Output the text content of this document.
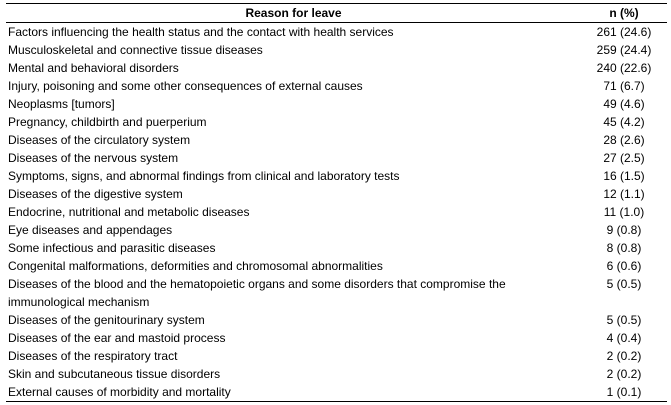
Reason for leave	n (%)
Factors influencing the health status and the contact with health services	261 (24.6)
Musculoskeletal and connective tissue diseases	259 (24.4)
Mental and behavioral disorders	240 (22.6)
Injury, poisoning and some other consequences of external causes	71 (6.7)
Neoplasms [tumors]	49 (4.6)
Pregnancy, childbirth and puerperium	45 (4.2)
Diseases of the circulatory system	28 (2.6)
Diseases of the nervous system	27 (2.5)
Symptoms, signs, and abnormal findings from clinical and laboratory tests	16 (1.5)
Diseases of the digestive system	12 (1.1)
Endocrine, nutritional and metabolic diseases	11 (1.0)
Eye diseases and appendages	9 (0.8)
Some infectious and parasitic diseases	8 (0.8)
Congenital malformations, deformities and chromosomal abnormalities	6 (0.6)
Diseases of the blood and the hematopoietic organs and some disorders that compromise the immunological mechanism	5 (0.5)
Diseases of the genitourinary system	5 (0.5)
Diseases of the ear and mastoid process	4 (0.4)
Diseases of the respiratory tract	2 (0.2)
Skin and subcutaneous tissue disorders	2 (0.2)
External causes of morbidity and mortality	1 (0.1)
